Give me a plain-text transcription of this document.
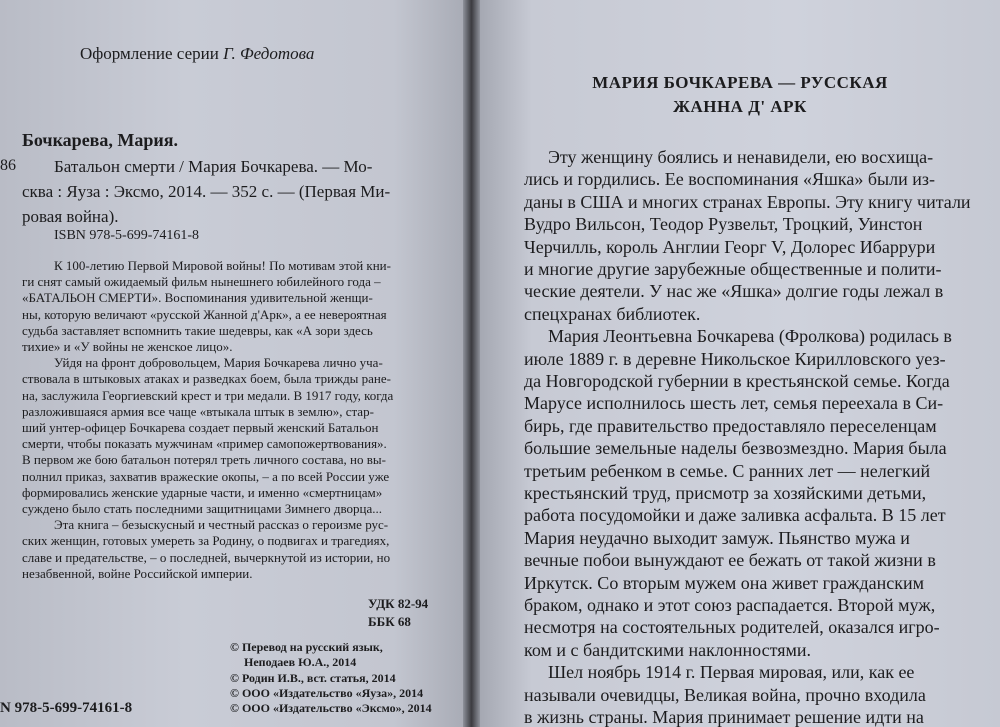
Оформление серии Г. Федотова
86
Бочкарева, Мария.
Батальон смерти / Мария Бочкарева. — Мо-
сква : Яуза : Эксмо, 2014. — 352 с. — (Первая Ми-
ровая война).
ISBN 978-5-699-74161-8
К 100-летию Первой Мировой войны! По мотивам этой кни-
ги снят самый ожидаемый фильм нынешнего юбилейного года –
«БАТАЛЬОН СМЕРТИ». Воспоминания удивительной женщи-
ны, которую величают «русской Жанной д'Арк», а ее невероятная
судьба заставляет вспомнить такие шедевры, как «А зори здесь
тихие» и «У войны не женское лицо».
Уйдя на фронт добровольцем, Мария Бочкарева лично уча-
ствовала в штыковых атаках и разведках боем, была трижды ране-
на, заслужила Георгиевский крест и три медали. В 1917 году, когда
разложившаяся армия все чаще «втыкала штык в землю», стар-
ший унтер-офицер Бочкарева создает первый женский Батальон
смерти, чтобы показать мужчинам «пример самопожертвования».
В первом же бою батальон потерял треть личного состава, но вы-
полнил приказ, захватив вражеские окопы, – а по всей России уже
формировались женские ударные части, и именно «смертницам»
суждено было стать последними защитницами Зимнего дворца...
Эта книга – безыскусный и честный рассказ о героизме рус-
ских женщин, готовых умереть за Родину, о подвигах и трагедиях,
славе и предательстве, – о последней, вычеркнутой из истории, но
незабвенной, войне Российской империи.
УДК 82-94
ББК 68
© Перевод на русский язык,
Неподаев Ю.А., 2014
© Родин И.В., вст. статья, 2014
© ООО «Издательство «Яуза», 2014
© ООО «Издательство «Эксмо», 2014
N 978-5-699-74161-8
МАРИЯ БОЧКАРЕВА — РУССКАЯ
ЖАННА Д' АРК
Эту женщину боялись и ненавидели, ею восхища-
лись и гордились. Ее воспоминания «Яшка» были из-
даны в США и многих странах Европы. Эту книгу читали
Вудро Вильсон, Теодор Рузвельт, Троцкий, Уинстон
Черчилль, король Англии Георг V, Долорес Ибаррури
и многие другие зарубежные общественные и полити-
ческие деятели. У нас же «Яшка» долгие годы лежал в
спецхранах библиотек.
Мария Леонтьевна Бочкарева (Фролкова) родилась в
июле 1889 г. в деревне Никольское Кирилловского уез-
да Новгородской губернии в крестьянской семье. Когда
Марусе исполнилось шесть лет, семья переехала в Си-
бирь, где правительство предоставляло переселенцам
большие земельные наделы безвозмездно. Мария была
третьим ребенком в семье. С ранних лет — нелегкий
крестьянский труд, присмотр за хозяйскими детьми,
работа посудомойки и даже заливка асфальта. В 15 лет
Мария неудачно выходит замуж. Пьянство мужа и
вечные побои вынуждают ее бежать от такой жизни в
Иркутск. Со вторым мужем она живет гражданским
браком, однако и этот союз распадается. Второй муж,
несмотря на состоятельных родителей, оказался игро-
ком и с бандитскими наклонностями.
Шел ноябрь 1914 г. Первая мировая, или, как ее
называли очевидцы, Великая война, прочно входила
в жизнь страны. Мария принимает решение идти на
